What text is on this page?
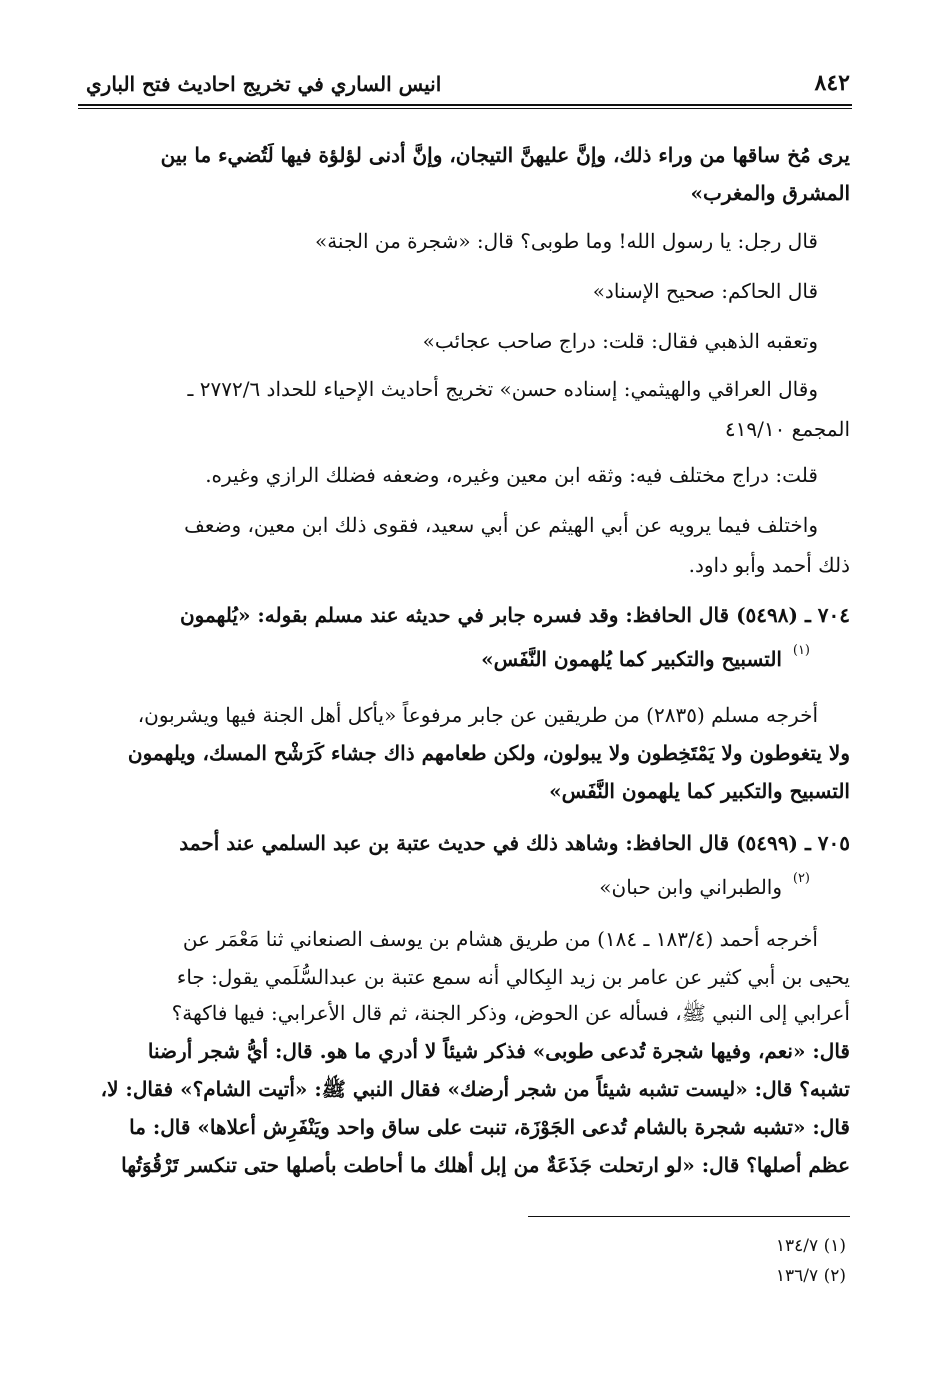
٨٤٢
انيس الساري في تخريج احاديث فتح الباري
يرى مُخ ساقها من وراء ذلك، وإنَّ عليهنَّ التيجان، وإنَّ أدنى لؤلؤة فيها لَتُضيء ما بين
المشرق والمغرب»
قال رجل: يا رسول الله! وما طوبى؟ قال: «شجرة من الجنة»
قال الحاكم: صحيح الإسناد»
وتعقبه الذهبي فقال: قلت: دراج صاحب عجائب»
وقال العراقي والهيثمي: إسناده حسن» تخريج أحاديث الإحياء للحداد ٢٧٧٢/٦ ـ
المجمع ٤١٩/١٠
قلت: دراج مختلف فيه: وثقه ابن معين وغيره، وضعفه فضلك الرازي وغيره.
واختلف فيما يرويه عن أبي الهيثم عن أبي سعيد، فقوى ذلك ابن معين، وضعف
ذلك أحمد وأبو داود.
٧٠٤ ـ (٥٤٩٨) قال الحافظ: وقد فسره جابر في حديثه عند مسلم بقوله: «يُلهمون
التسبيح والتكبير كما يُلهمون النَّفَس» (١)
أخرجه مسلم (٢٨٣٥) من طريقين عن جابر مرفوعاً «يأكل أهل الجنة فيها ويشربون،
ولا يتغوطون ولا يَمْتَخِطون ولا يبولون، ولكن طعامهم ذاك جشاء كَرَشْح المسك، ويلهمون
التسبيح والتكبير كما يلهمون النَّفَس»
٧٠٥ ـ (٥٤٩٩) قال الحافظ: وشاهد ذلك في حديث عتبة بن عبد السلمي عند أحمد
والطبراني وابن حبان» (٢)
أخرجه أحمد (١٨٣/٤ ـ ١٨٤) من طريق هشام بن يوسف الصنعاني ثنا مَعْمَر عن
يحيى بن أبي كثير عن عامر بن زيد البِكالي أنه سمع عتبة بن عبدالسُّلَمي يقول: جاء
أعرابي إلى النبي ﷺ، فسأله عن الحوض، وذكر الجنة، ثم قال الأعرابي: فيها فاكهة؟
قال: «نعم، وفيها شجرة تُدعى طوبى» فذكر شيئاً لا أدري ما هو. قال: أيُّ شجر أرضنا
تشبه؟ قال: «ليست تشبه شيئاً من شجر أرضك» فقال النبي ﷺ: «أتيت الشام؟» فقال: لا،
قال: «تشبه شجرة بالشام تُدعى الجَوْزَة، تنبت على ساق واحد ويَنْفَرِش أعلاها» قال: ما
عظم أصلها؟ قال: «لو ارتحلت جَذَعَةٌ من إبل أهلك ما أحاطت بأصلها حتى تنكسر تَرْقُوَتُها
(١) ١٣٤/٧
(٢) ١٣٦/٧
